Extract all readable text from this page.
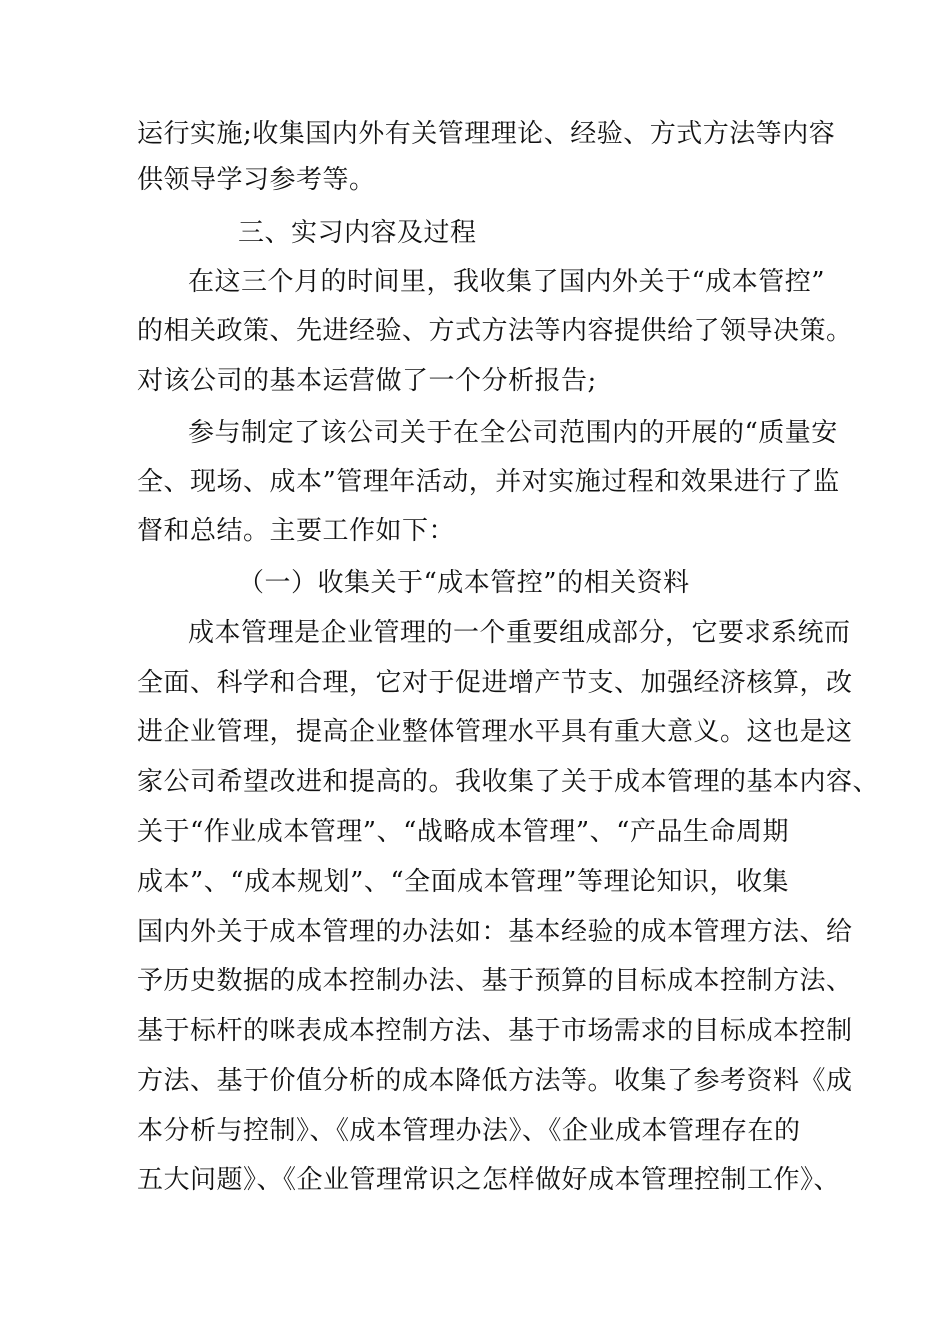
运行实施;收集国内外有关管理理论、经验、方式方法等内容
供领导学习参考等。
三、实习内容及过程
在这三个月的时间里，我收集了国内外关于“成本管控”
的相关政策、先进经验、方式方法等内容提供给了领导决策。
对该公司的基本运营做了一个分析报告;
参与制定了该公司关于在全公司范围内的开展的“质量安
全、现场、成本”管理年活动，并对实施过程和效果进行了监
督和总结。主要工作如下：
（一）收集关于“成本管控”的相关资料
成本管理是企业管理的一个重要组成部分，它要求系统而
全面、科学和合理，它对于促进增产节支、加强经济核算，改
进企业管理，提高企业整体管理水平具有重大意义。这也是这
家公司希望改进和提高的。我收集了关于成本管理的基本内容、
关于“作业成本管理”、“战略成本管理”、“产品生命周期
成本”、“成本规划”、“全面成本管理”等理论知识，收集
国内外关于成本管理的办法如：基本经验的成本管理方法、给
予历史数据的成本控制办法、基于预算的目标成本控制方法、
基于标杆的咪表成本控制方法、基于市场需求的目标成本控制
方法、基于价值分析的成本降低方法等。收集了参考资料《成
本分析与控制》、《成本管理办法》、《企业成本管理存在的
五大问题》、《企业管理常识之怎样做好成本管理控制工作》、
